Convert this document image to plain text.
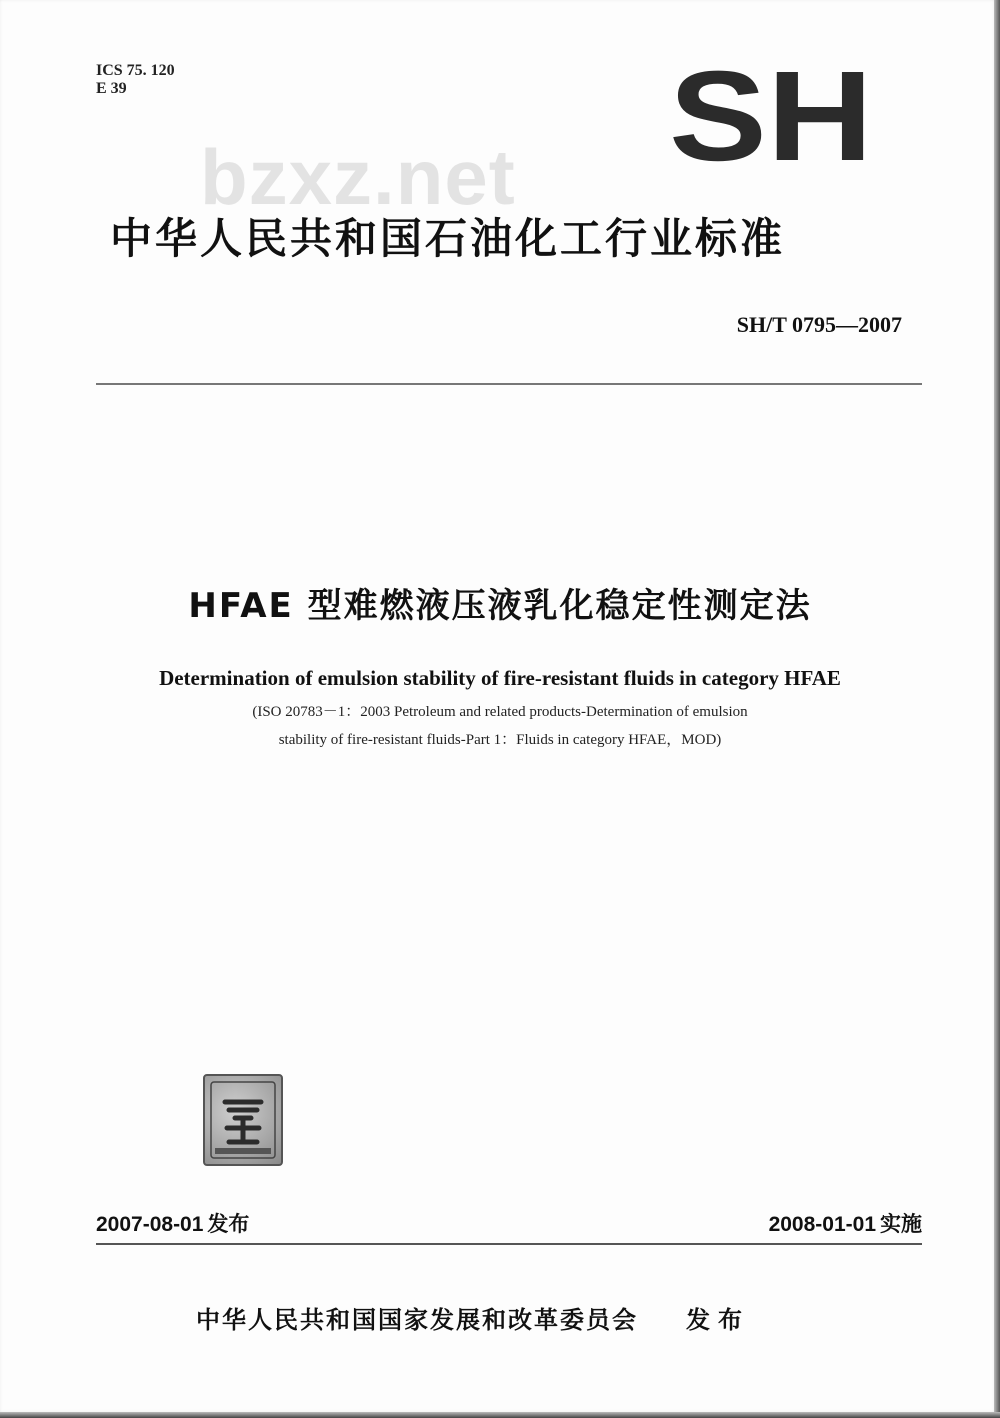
ICS 75. 120
E 39	SH
bzxz.net
中华人民共和国石油化工行业标准
SH/T 0795—2007
HFAE 型难燃液压液乳化稳定性测定法
Determination of emulsion stability of fire-resistant fluids in category HFAE
(ISO 20783－1：2003 Petroleum and related products-Determination of emulsion
stability of fire-resistant fluids-Part 1：Fluids in category HFAE，MOD)
2007-08-01 发布	2008-01-01 实施
中华人民共和国国家发展和改革委员会 发布
